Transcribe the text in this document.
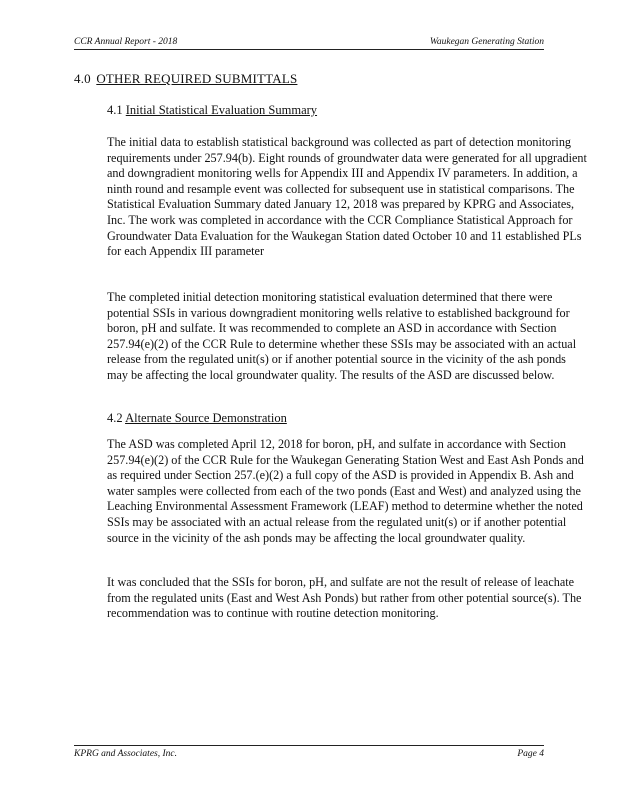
CCR Annual Report - 2018	Waukegan Generating Station
4.0 OTHER REQUIRED SUBMITTALS
4.1 Initial Statistical Evaluation Summary

The initial data to establish statistical background was collected as part of detection monitoring requirements under 257.94(b). Eight rounds of groundwater data were generated for all upgradient and downgradient monitoring wells for Appendix III and Appendix IV parameters. In addition, a ninth round and resample event was collected for subsequent use in statistical comparisons. The Statistical Evaluation Summary dated January 12, 2018 was prepared by KPRG and Associates, Inc. The work was completed in accordance with the CCR Compliance Statistical Approach for Groundwater Data Evaluation for the Waukegan Station dated October 10 and 11 established PLs for each Appendix III parameter

The completed initial detection monitoring statistical evaluation determined that there were potential SSIs in various downgradient monitoring wells relative to established background for boron, pH and sulfate. It was recommended to complete an ASD in accordance with Section 257.94(e)(2) of the CCR Rule to determine whether these SSIs may be associated with an actual release from the regulated unit(s) or if another potential source in the vicinity of the ash ponds may be affecting the local groundwater quality. The results of the ASD are discussed below.

4.2 Alternate Source Demonstration

The ASD was completed April 12, 2018 for boron, pH, and sulfate in accordance with Section 257.94(e)(2) of the CCR Rule for the Waukegan Generating Station West and East Ash Ponds and as required under Section 257.(e)(2) a full copy of the ASD is provided in Appendix B. Ash and water samples were collected from each of the two ponds (East and West) and analyzed using the Leaching Environmental Assessment Framework (LEAF) method to determine whether the noted SSIs may be associated with an actual release from the regulated unit(s) or if another potential source in the vicinity of the ash ponds may be affecting the local groundwater quality.

It was concluded that the SSIs for boron, pH, and sulfate are not the result of release of leachate from the regulated units (East and West Ash Ponds) but rather from other potential source(s). The recommendation was to continue with routine detection monitoring.

KPRG and Associates, Inc.	Page 4
